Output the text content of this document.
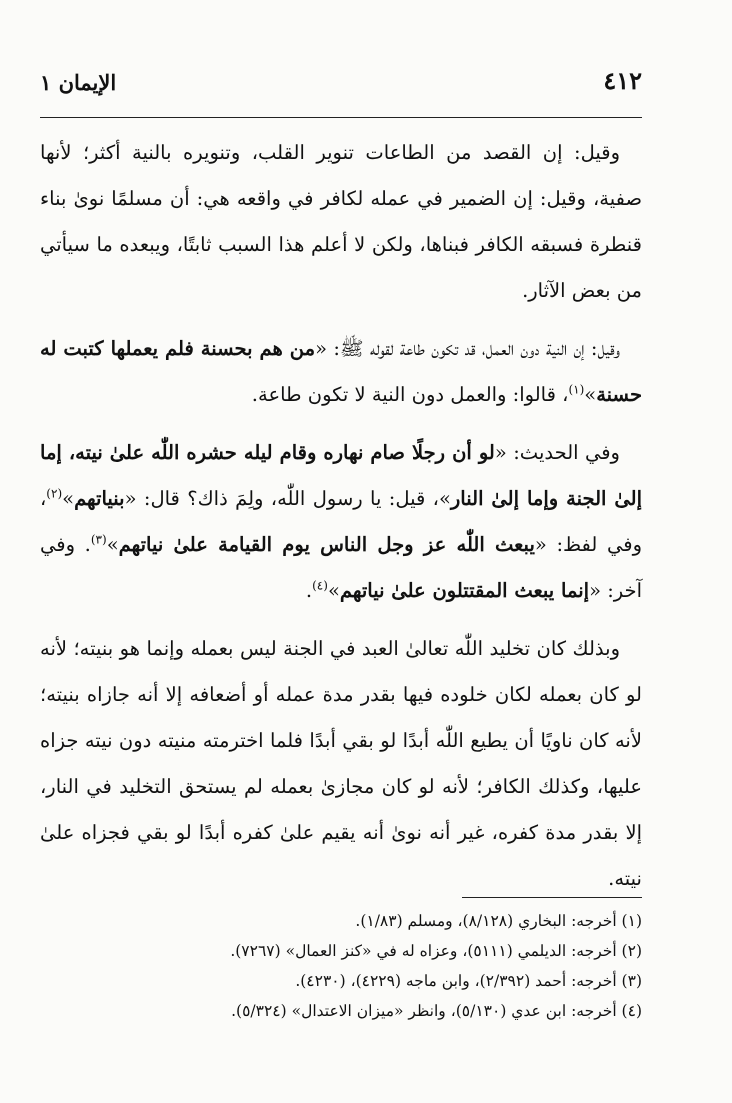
٤١٢
الإيمان ١

وقيل: إن القصد من الطاعات تنوير القلب، وتنويره بالنية أكثر؛ لأنها صفية، وقيل: إن الضمير في عمله لكافر في واقعه هي: أن مسلمًا نوىٰ بناء قنطرة فسبقه الكافر فبناها، ولكن لا أعلم هذا السبب ثابتًا، ويبعده ما سيأتي من بعض الآثار.

وقيل: إن النية دون العمل، قد تكون طاعة لقوله ﷺ: «من هم بحسنة فلم يعملها كتبت له حسنة»$^{(١)}$، قالوا: والعمل دون النية لا تكون طاعة.

وفي الحديث: «لو أن رجلًا صام نهاره وقام ليله حشره اللّٰه علىٰ نيته، إما إلىٰ الجنة وإما إلىٰ النار»، قيل: يا رسول اللّٰه، ولِمَ ذاك؟ قال: «بنياتهم»$^{(٢)}$، وفي لفظ: «يبعث اللّٰه عز وجل الناس يوم القيامة علىٰ نياتهم»$^{(٣)}$. وفي آخر: «إنما يبعث المقتتلون علىٰ نياتهم»$^{(٤)}$.

وبذلك كان تخليد اللّٰه تعالىٰ العبد في الجنة ليس بعمله وإنما هو بنيته؛ لأنه لو كان بعمله لكان خلوده فيها بقدر مدة عمله أو أضعافه إلا أنه جازاه بنيته؛ لأنه كان ناويًا أن يطيع اللّٰه أبدًا لو بقي أبدًا فلما اخترمته منيته دون نيته جزاه عليها، وكذلك الكافر؛ لأنه لو كان مجازىٰ بعمله لم يستحق التخليد في النار، إلا بقدر مدة كفره، غير أنه نوىٰ أنه يقيم علىٰ كفره أبدًا لو بقي فجزاه علىٰ نيته.

(١) أخرجه: البخاري (٨/١٢٨)، ومسلم (١/٨٣).
(٢) أخرجه: الديلمي (٥١١١)، وعزاه له في «كنز العمال» (٧٢٦٧).
(٣) أخرجه: أحمد (٢/٣٩٢)، وابن ماجه (٤٢٢٩)، (٤٢٣٠).
(٤) أخرجه: ابن عدي (٥/١٣٠)، وانظر «ميزان الاعتدال» (٥/٣٢٤).
